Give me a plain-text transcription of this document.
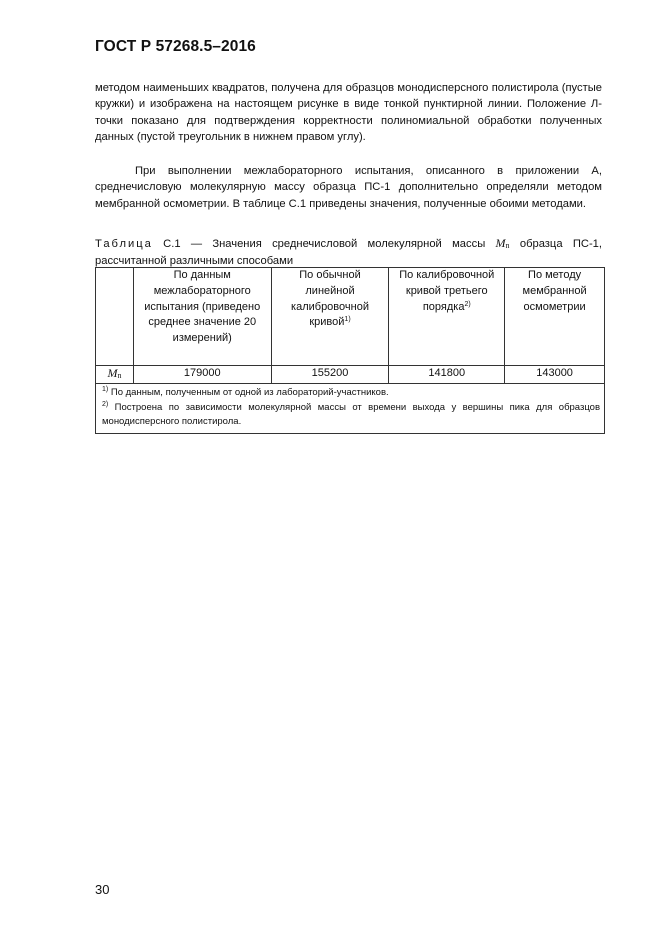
ГОСТ Р 57268.5–2016
методом наименьших квадратов, получена для образцов монодисперсного полистирола (пустые кружки) и изображена на настоящем рисунке в виде тонкой пунктирной линии. Положение Л-точки показано для подтверждения корректности полиномиальной обработки полученных данных (пустой треугольник в нижнем правом углу).
При выполнении межлабораторного испытания, описанного в приложении А, среднечисловую молекулярную массу образца ПС-1 дополнительно определяли методом мембранной осмометрии. В таблице С.1 приведены значения, полученные обоими методами.
Таблица С.1 — Значения среднечисловой молекулярной массы Mn образца ПС-1, рассчитанной различными способами
	По данным межлабораторного испытания (приведено среднее значение 20 измерений)	По обычной линейной калибровочной кривой$^{1)}$	По калибровочной кривой третьего порядка$^{2)}$	По методу мембранной осмометрии
Mn	179000	155200	141800	143000

$^{1)}$ По данным, полученным от одной из лабораторий-участников.
$^{2)}$ Построена по зависимости молекулярной массы от времени выхода у вершины пика для образцов монодисперсного полистирола.				
30
